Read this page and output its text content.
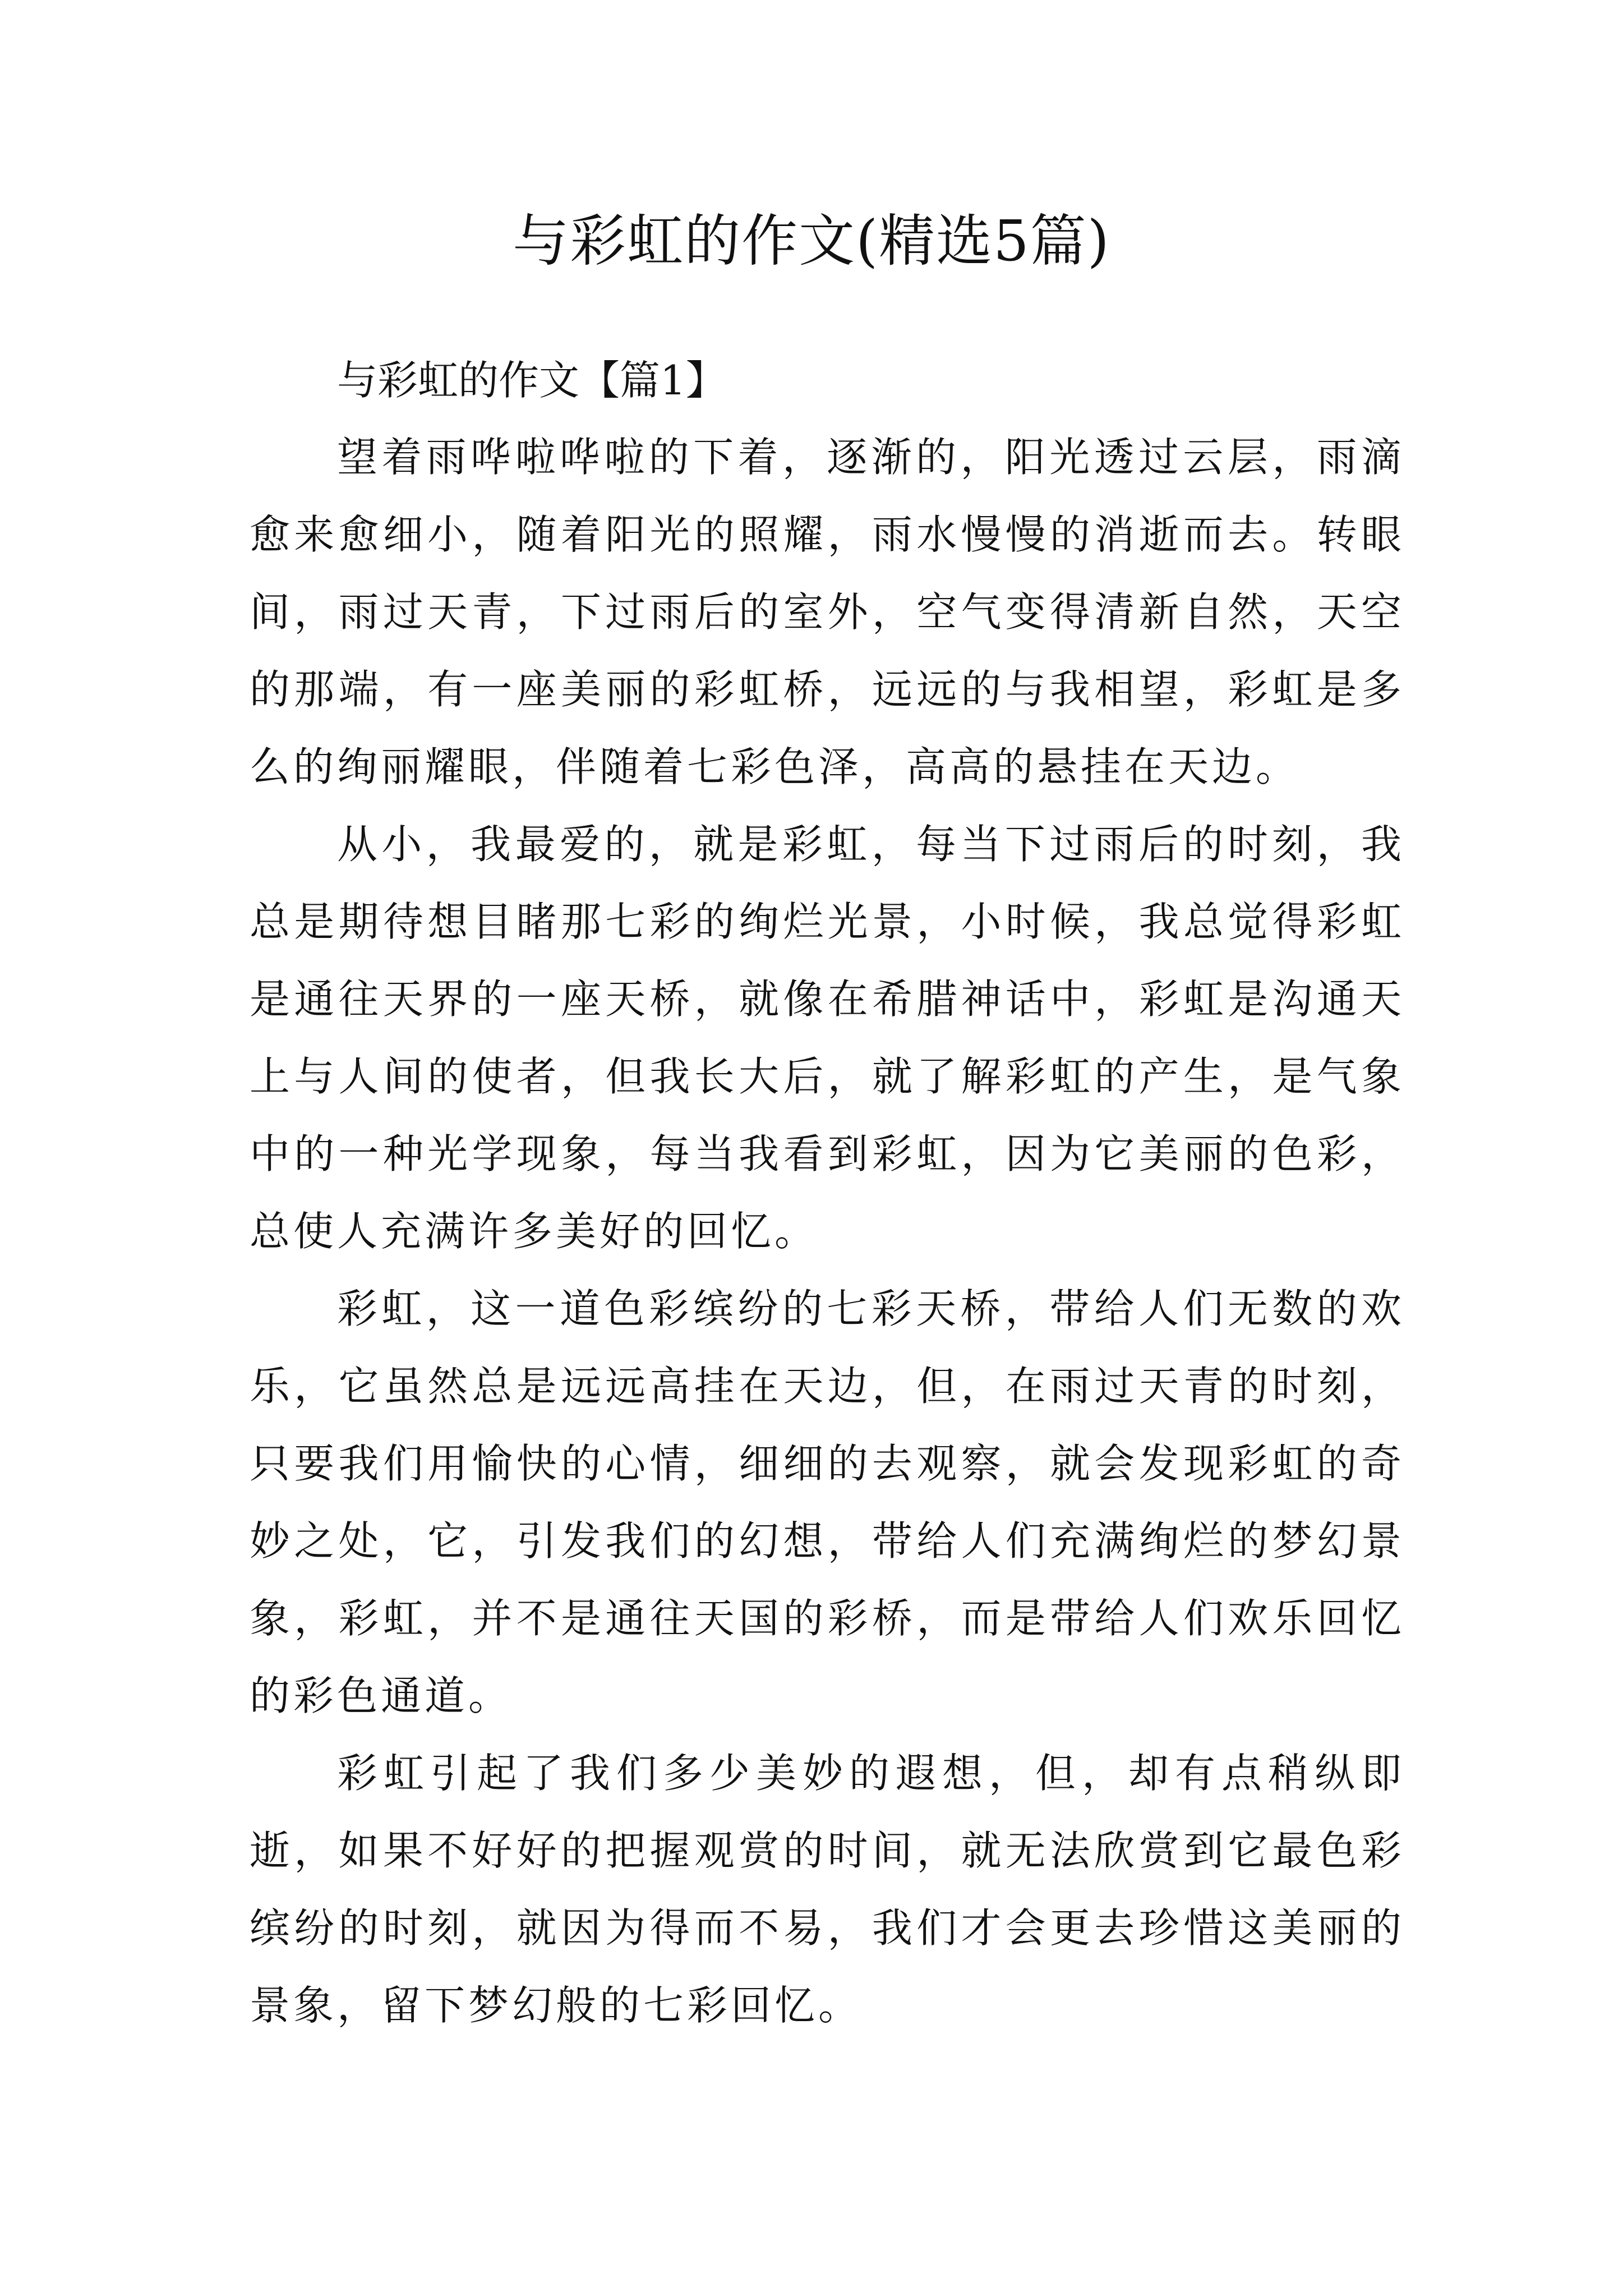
与彩虹的作文(精选5篇)

与彩虹的作文【篇1】

望着雨哗啦哗啦的下着，逐渐的，阳光透过云层，雨滴愈来愈细小，随着阳光的照耀，雨水慢慢的消逝而去。转眼间，雨过天青，下过雨后的室外，空气变得清新自然，天空的那端，有一座美丽的彩虹桥，远远的与我相望，彩虹是多么的绚丽耀眼，伴随着七彩色泽，高高的悬挂在天边。

从小，我最爱的，就是彩虹，每当下过雨后的时刻，我总是期待想目睹那七彩的绚烂光景，小时候，我总觉得彩虹是通往天界的一座天桥，就像在希腊神话中，彩虹是沟通天上与人间的使者，但我长大后，就了解彩虹的产生，是气象中的一种光学现象，每当我看到彩虹，因为它美丽的色彩，总使人充满许多美好的回忆。

彩虹，这一道色彩缤纷的七彩天桥，带给人们无数的欢乐，它虽然总是远远高挂在天边，但，在雨过天青的时刻，只要我们用愉快的心情，细细的去观察，就会发现彩虹的奇妙之处，它，引发我们的幻想，带给人们充满绚烂的梦幻景象，彩虹，并不是通往天国的彩桥，而是带给人们欢乐回忆的彩色通道。

彩虹引起了我们多少美妙的遐想，但，却有点稍纵即逝，如果不好好的把握观赏的时间，就无法欣赏到它最色彩缤纷的时刻，就因为得而不易，我们才会更去珍惜这美丽的景象，留下梦幻般的七彩回忆。
